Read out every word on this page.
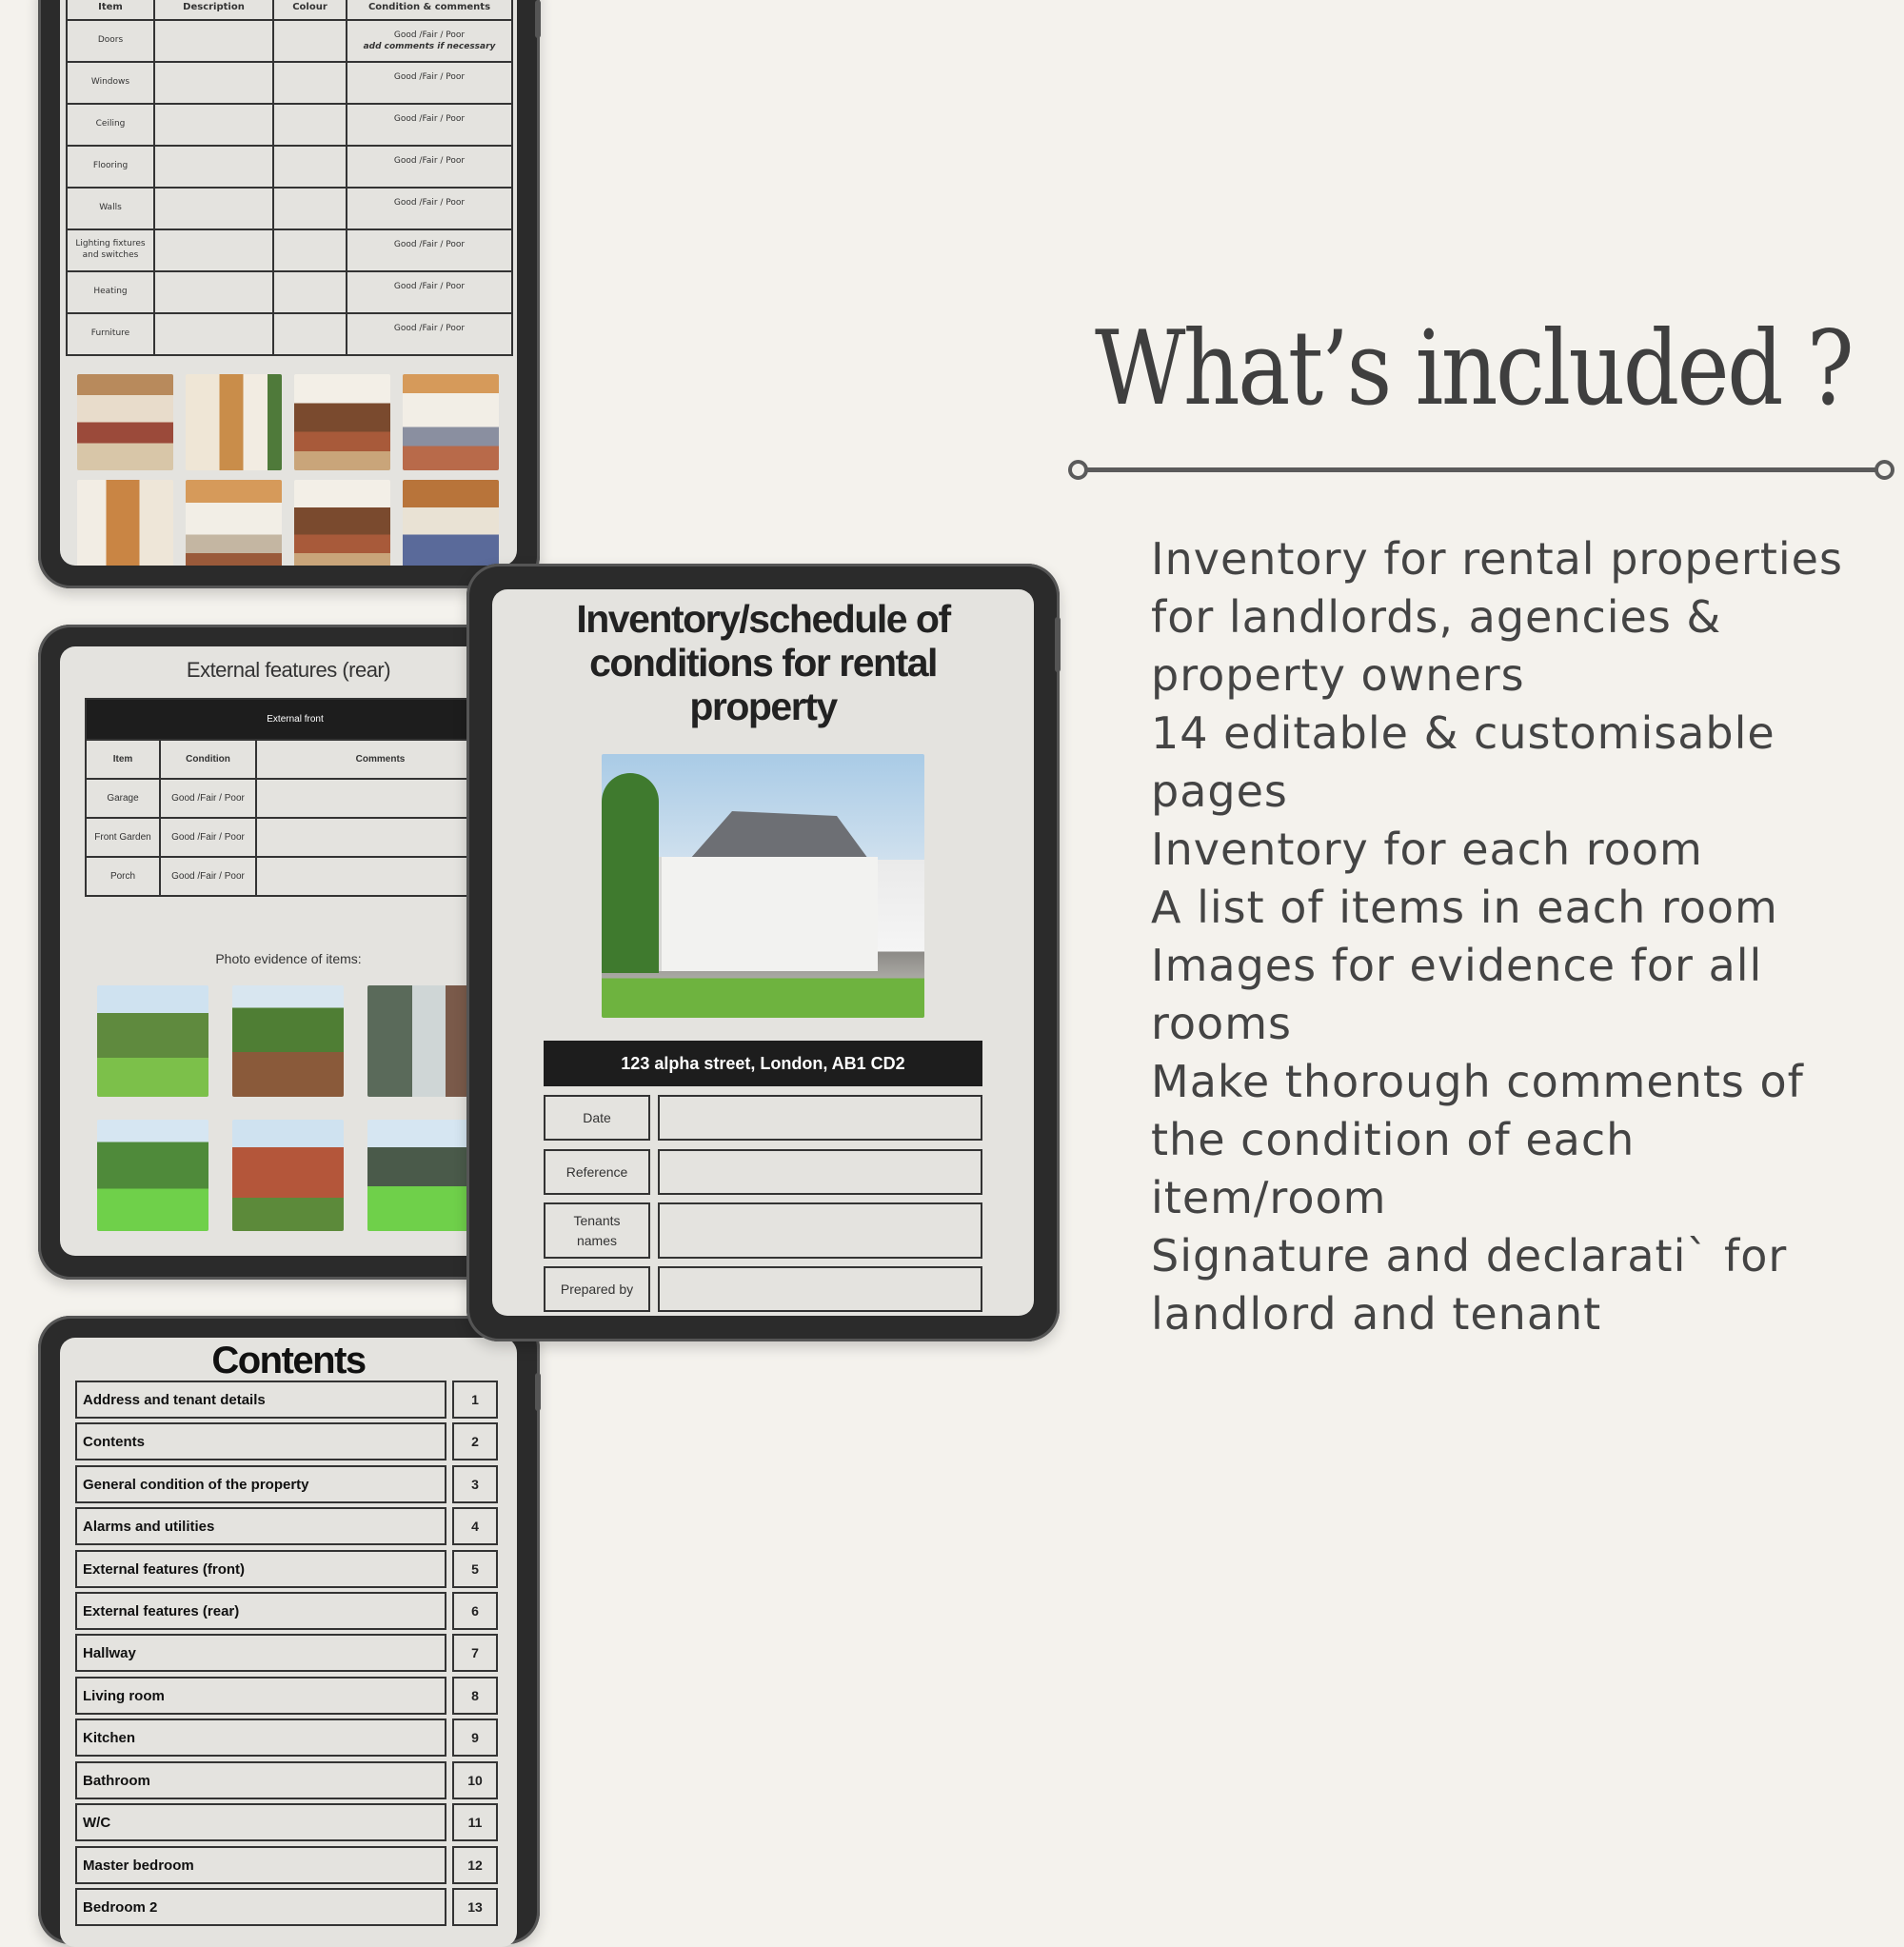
Item	Description	Colour	Condition & comments
Doors			Good /Fair / Poor
add comments if necessary
Windows			Good /Fair / Poor
Ceiling			Good /Fair / Poor
Flooring			Good /Fair / Poor
Walls			Good /Fair / Poor
Lighting fixtures and switches			Good /Fair / Poor
Heating			Good /Fair / Poor
Furniture			Good /Fair / Poor
External features (rear)
External front		
Item	Condition	Comments
Garage	Good /Fair / Poor	
Front Garden	Good /Fair / Poor	
Porch	Good /Fair / Poor	
Photo evidence of items:
Contents
Address and tenant details	1
Contents	2
General condition of the property	3
Alarms and utilities	4
External features (front)	5
External features (rear)	6
Hallway	7
Living room	8
Kitchen	9
Bathroom	10
W/C	11
Master bedroom	12
Bedroom 2	13
Inventory/schedule of conditions for rental property
123 alpha street, London, AB1 CD2
Date
Reference
Tenants names
Prepared by
What’s included ?
Inventory for rental properties for landlords, agencies & property owners
14 editable & customisable pages
Inventory for each room
A list of items in each room
Images for evidence for all rooms
Make thorough comments of the condition of each item/room
Signature and declarati` for landlord and tenant
